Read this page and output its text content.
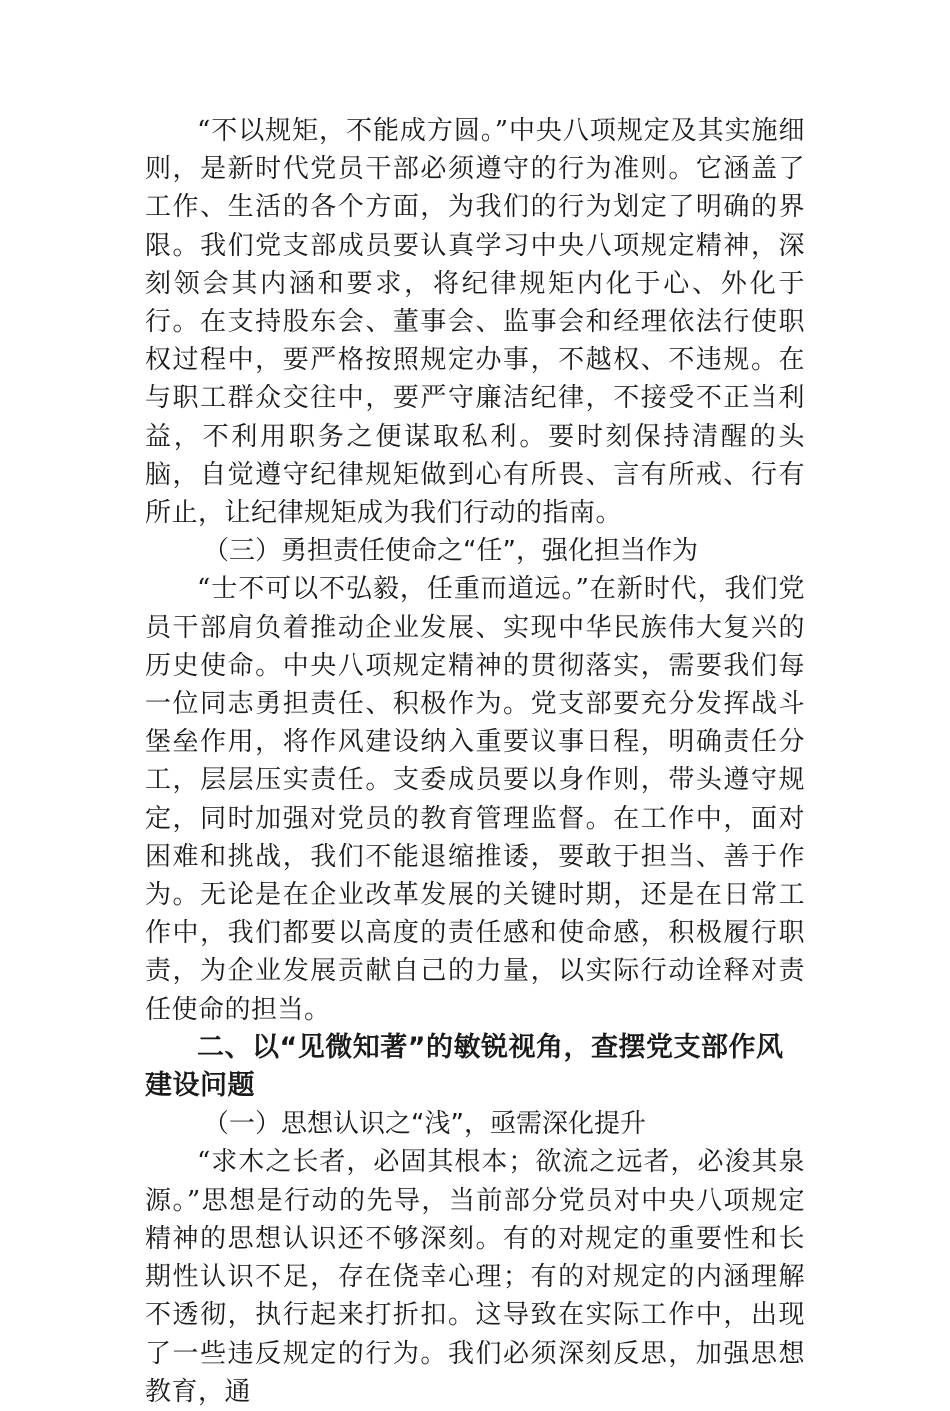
“不以规矩，不能成方圆。”中央八项规定及其实施细则，是新时代党员干部必须遵守的行为准则。它涵盖了工作、生活的各个方面，为我们的行为划定了明确的界限。我们党支部成员要认真学习中央八项规定精神，深刻领会其内涵和要求，将纪律规矩内化于心、外化于行。在支持股东会、董事会、监事会和经理依法行使职权过程中，要严格按照规定办事，不越权、不违规。在与职工群众交往中，要严守廉洁纪律，不接受不正当利益，不利用职务之便谋取私利。要时刻保持清醒的头脑，自觉遵守纪律规矩做到心有所畏、言有所戒、行有所止，让纪律规矩成为我们行动的指南。

（三）勇担责任使命之“任”，强化担当作为

“士不可以不弘毅，任重而道远。”在新时代，我们党员干部肩负着推动企业发展、实现中华民族伟大复兴的历史使命。中央八项规定精神的贯彻落实，需要我们每一位同志勇担责任、积极作为。党支部要充分发挥战斗堡垒作用，将作风建设纳入重要议事日程，明确责任分工，层层压实责任。支委成员要以身作则，带头遵守规定，同时加强对党员的教育管理监督。在工作中，面对困难和挑战，我们不能退缩推诿，要敢于担当、善于作为。无论是在企业改革发展的关键时期，还是在日常工作中，我们都要以高度的责任感和使命感，积极履行职责，为企业发展贡献自己的力量，以实际行动诠释对责任使命的担当。

二、以“见微知著”的敏锐视角，查摆党支部作风建设问题

（一）思想认识之“浅”，亟需深化提升

“求木之长者，必固其根本；欲流之远者，必浚其泉源。”思想是行动的先导，当前部分党员对中央八项规定精神的思想认识还不够深刻。有的对规定的重要性和长期性认识不足，存在侥幸心理；有的对规定的内涵理解不透彻，执行起来打折扣。这导致在实际工作中，出现了一些违反规定的行为。我们必须深刻反思，加强思想教育，通
